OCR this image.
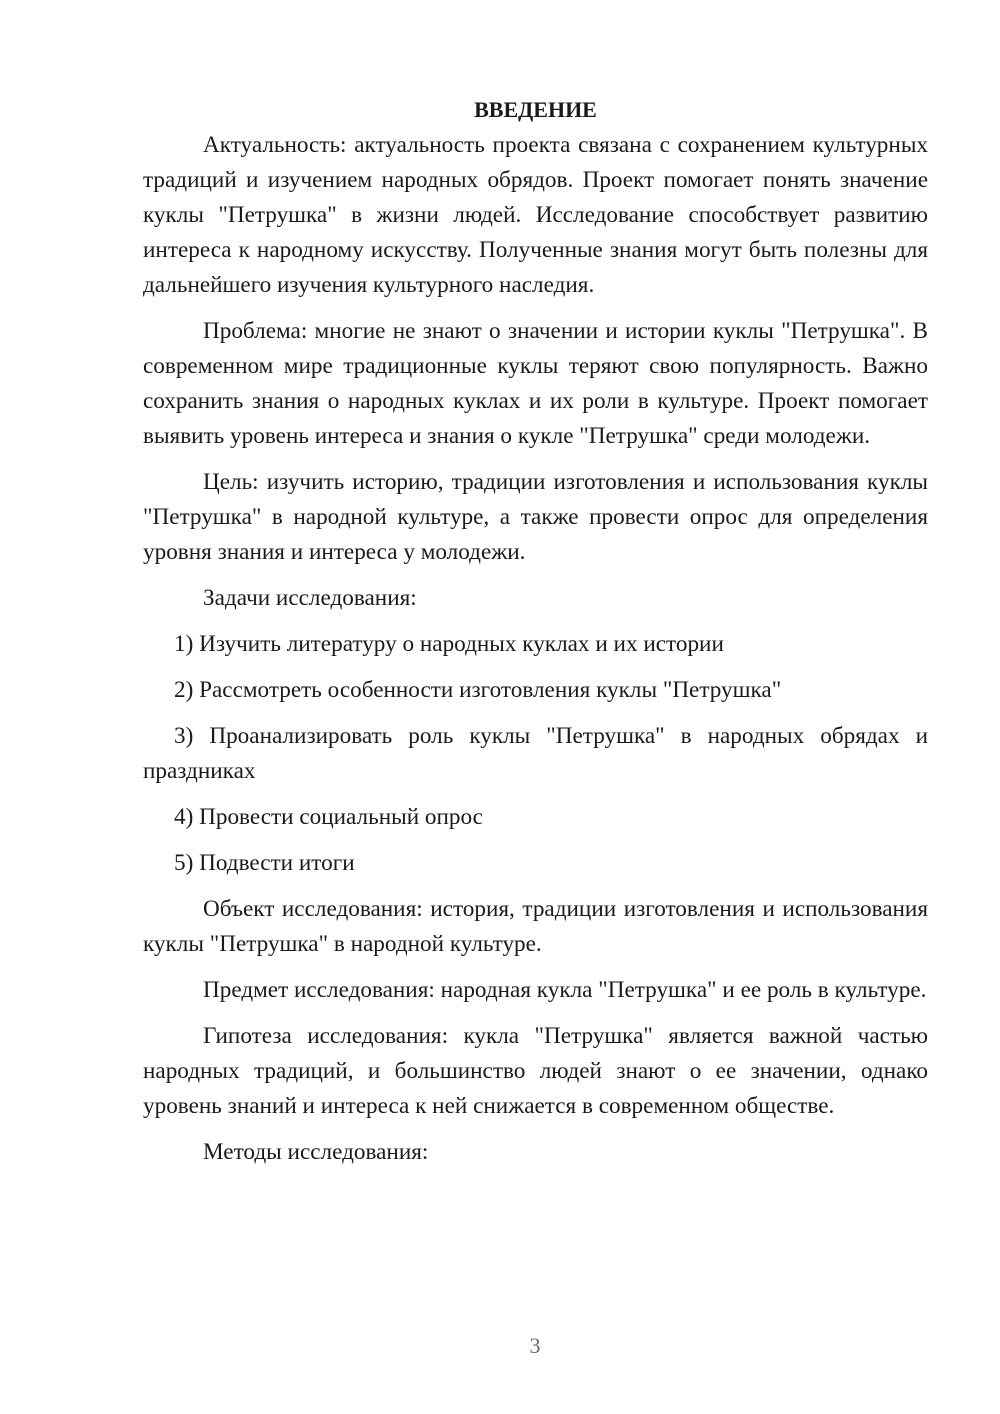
ВВЕДЕНИЕ

Актуальность: актуальность проекта связана с сохранением культурных традиций и изучением народных обрядов. Проект помогает понять значение куклы "Петрушка" в жизни людей. Исследование способствует развитию интереса к народному искусству. Полученные знания могут быть полезны для дальнейшего изучения культурного наследия.

Проблема: многие не знают о значении и истории куклы "Петрушка". В современном мире традиционные куклы теряют свою популярность. Важно сохранить знания о народных куклах и их роли в культуре. Проект помогает выявить уровень интереса и знания о кукле "Петрушка" среди молодежи.

Цель: изучить историю, традиции изготовления и использования куклы "Петрушка" в народной культуре, а также провести опрос для определения уровня знания и интереса у молодежи.

Задачи исследования:

1) Изучить литературу о народных куклах и их истории

2) Рассмотреть особенности изготовления куклы "Петрушка"

3) Проанализировать роль куклы "Петрушка" в народных обрядах и праздниках

4) Провести социальный опрос

5) Подвести итоги

Объект исследования: история, традиции изготовления и использования куклы "Петрушка" в народной культуре.

Предмет исследования: народная кукла "Петрушка" и ее роль в культуре.

Гипотеза исследования: кукла "Петрушка" является важной частью народных традиций, и большинство людей знают о ее значении, однако уровень знаний и интереса к ней снижается в современном обществе.

Методы исследования:

3
